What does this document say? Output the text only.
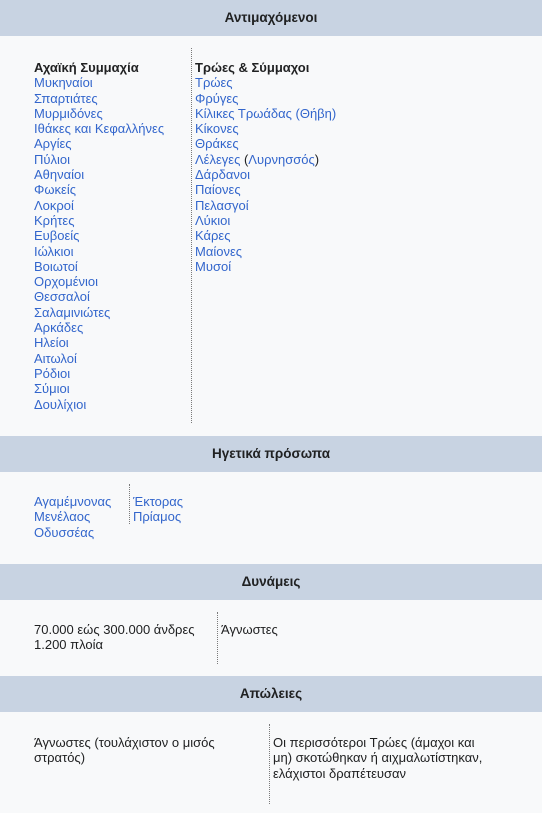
Αντιμαχόμενοι
Αχαϊκή Συμμαχία
Μυκηναίοι
Σπαρτιάτες
Μυρμιδόνες
Ιθάκες και Κεφαλλήνες
Αργίες
Πύλιοι
Αθηναίοι
Φωκείς
Λοκροί
Κρήτες
Ευβοείς
Ιώλκιοι
Βοιωτοί
Ορχομένιοι
Θεσσαλοί
Σαλαμινιώτες
Αρκάδες
Ηλείοι
Αιτωλοί
Ρόδιοι
Σύμιοι
Δουλίχιοι
Τρώες & Σύμμαχοι
Τρώες
Φρύγες
Κίλικες Τρωάδας (Θήβη)
Κίκονες
Θράκες
Λέλεγες (Λυρνησσός)
Δάρδανοι
Παίονες
Πελασγοί
Λύκιοι
Κάρες
Μαίονες
Μυσοί
Ηγετικά πρόσωπα
Αγαμέμνονας
Μενέλαος
Οδυσσέας
Έκτορας
Πρίαμος
Δυνάμεις
70.000 εώς 300.000 άνδρες
1.200 πλοία
Άγνωστες
Απώλειες
Άγνωστες (τουλάχιστον ο μισός
στρατός)
Οι περισσότεροι Τρώες (άμαχοι και
μη) σκοτώθηκαν ή αιχμαλωτίστηκαν,
ελάχιστοι δραπέτευσαν
